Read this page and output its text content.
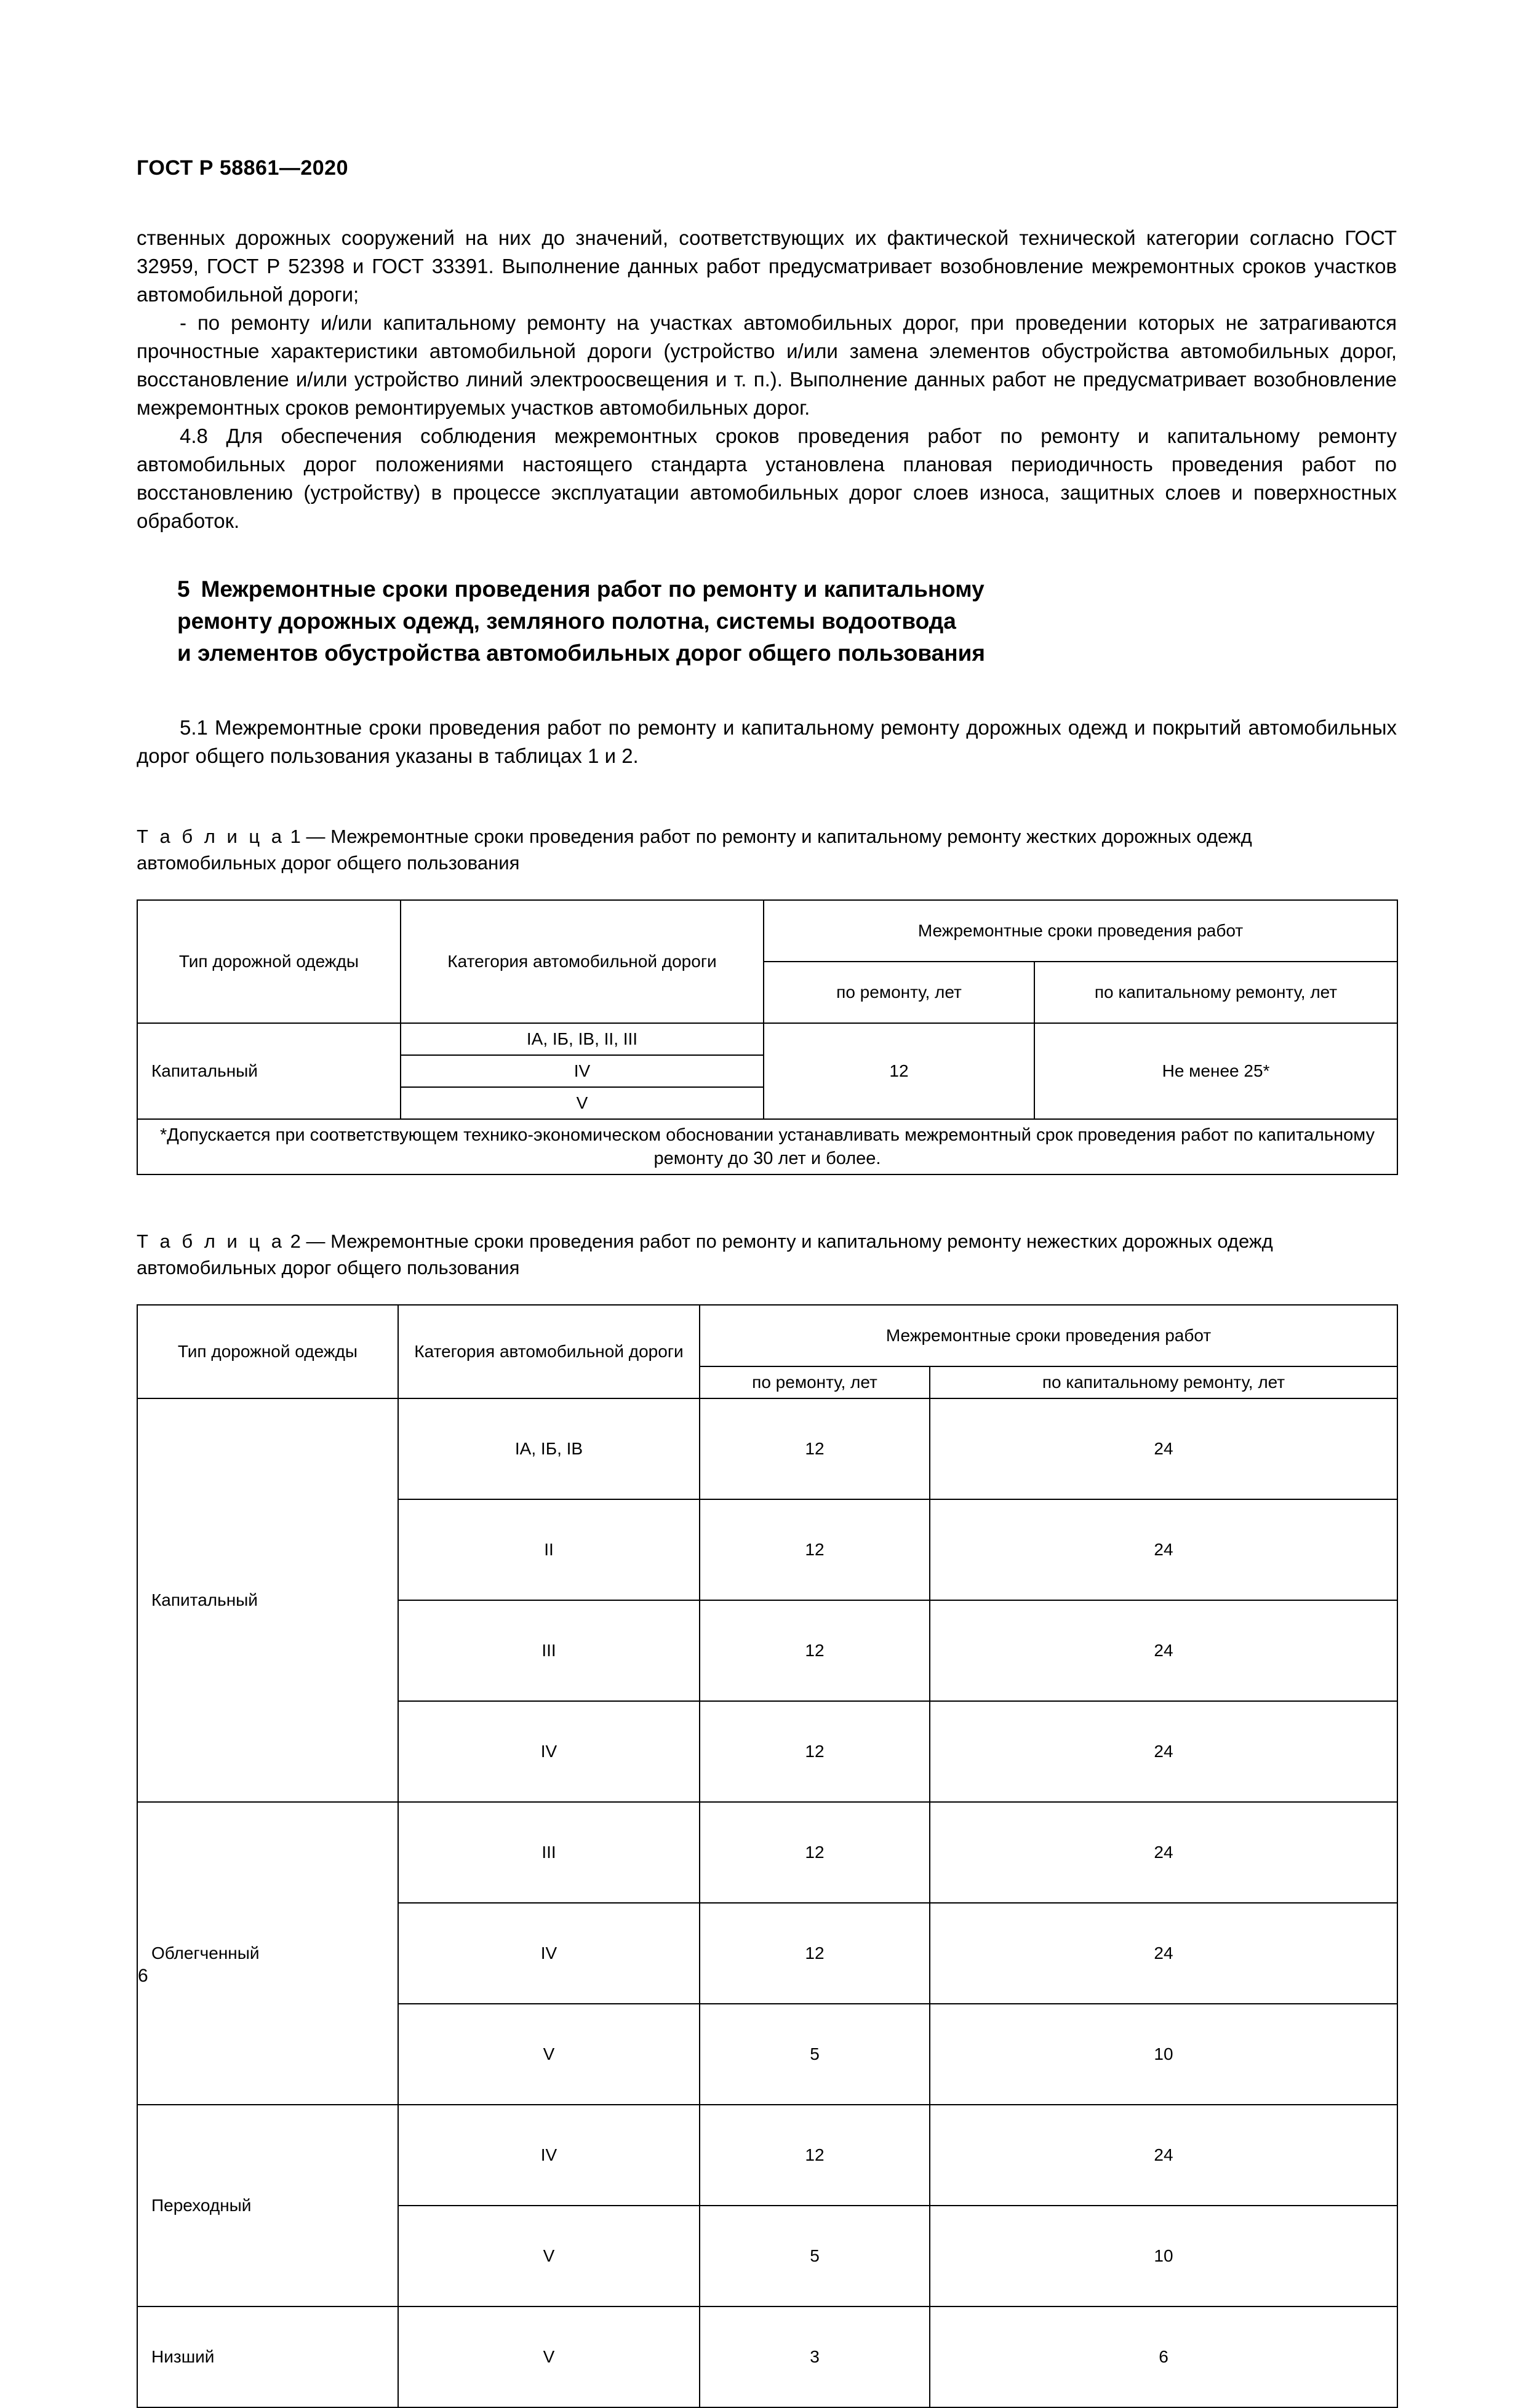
ГОСТ Р 58861—2020

ственных дорожных сооружений на них до значений, соответствующих их фактической технической категории согласно ГОСТ 32959, ГОСТ Р 52398 и ГОСТ 33391. Выполнение данных работ предусматривает возобновление межремонтных сроков участков автомобильной дороги;

- по ремонту и/или капитальному ремонту на участках автомобильных дорог, при проведении которых не затрагиваются прочностные характеристики автомобильной дороги (устройство и/или замена элементов обустройства автомобильных дорог, восстановление и/или устройство линий электроосвещения и т. п.). Выполнение данных работ не предусматривает возобновление межремонтных сроков ремонтируемых участков автомобильных дорог.

4.8 Для обеспечения соблюдения межремонтных сроков проведения работ по ремонту и капитальному ремонту автомобильных дорог положениями настоящего стандарта установлена плановая периодичность проведения работ по восстановлению (устройству) в процессе эксплуатации автомобильных дорог слоев износа, защитных слоев и поверхностных обработок.

5 Межремонтные сроки проведения работ по ремонту и капитальному
ремонту дорожных одежд, земляного полотна, системы водоотвода
и элементов обустройства автомобильных дорог общего пользования

5.1 Межремонтные сроки проведения работ по ремонту и капитальному ремонту дорожных одежд и покрытий автомобильных дорог общего пользования указаны в таблицах 1 и 2.

Т а б л и ц а 1 — Межремонтные сроки проведения работ по ремонту и капитальному ремонту жестких дорожных одежд автомобильных дорог общего пользования

Тип дорожной одежды	Категория автомобильной дороги	Межремонтные сроки проведения работ	
		по ремонту, лет	по капитальному ремонту, лет
Капитальный	IА, IБ, IВ, II, III	12	Не менее 25*
	IV		
	V		
*Допускается при соответствующем технико-экономическом обосновании устанавливать межремонтный срок проведения работ по капитальному ремонту до 30 лет и более.			

Т а б л и ц а 2 — Межремонтные сроки проведения работ по ремонту и капитальному ремонту нежестких дорожных одежд автомобильных дорог общего пользования

Тип дорожной одежды	Категория автомобильной дороги	Межремонтные сроки проведения работ	
		по ремонту, лет	по капитальному ремонту, лет
Капитальный	IА, IБ, IВ	12	24
	II	12	24
	III	12	24
	IV	12	24
Облегченный	III	12	24
	IV	12	24
	V	5	10
Переходный	IV	12	24
	V	5	10
Низший	V	3	6
6
